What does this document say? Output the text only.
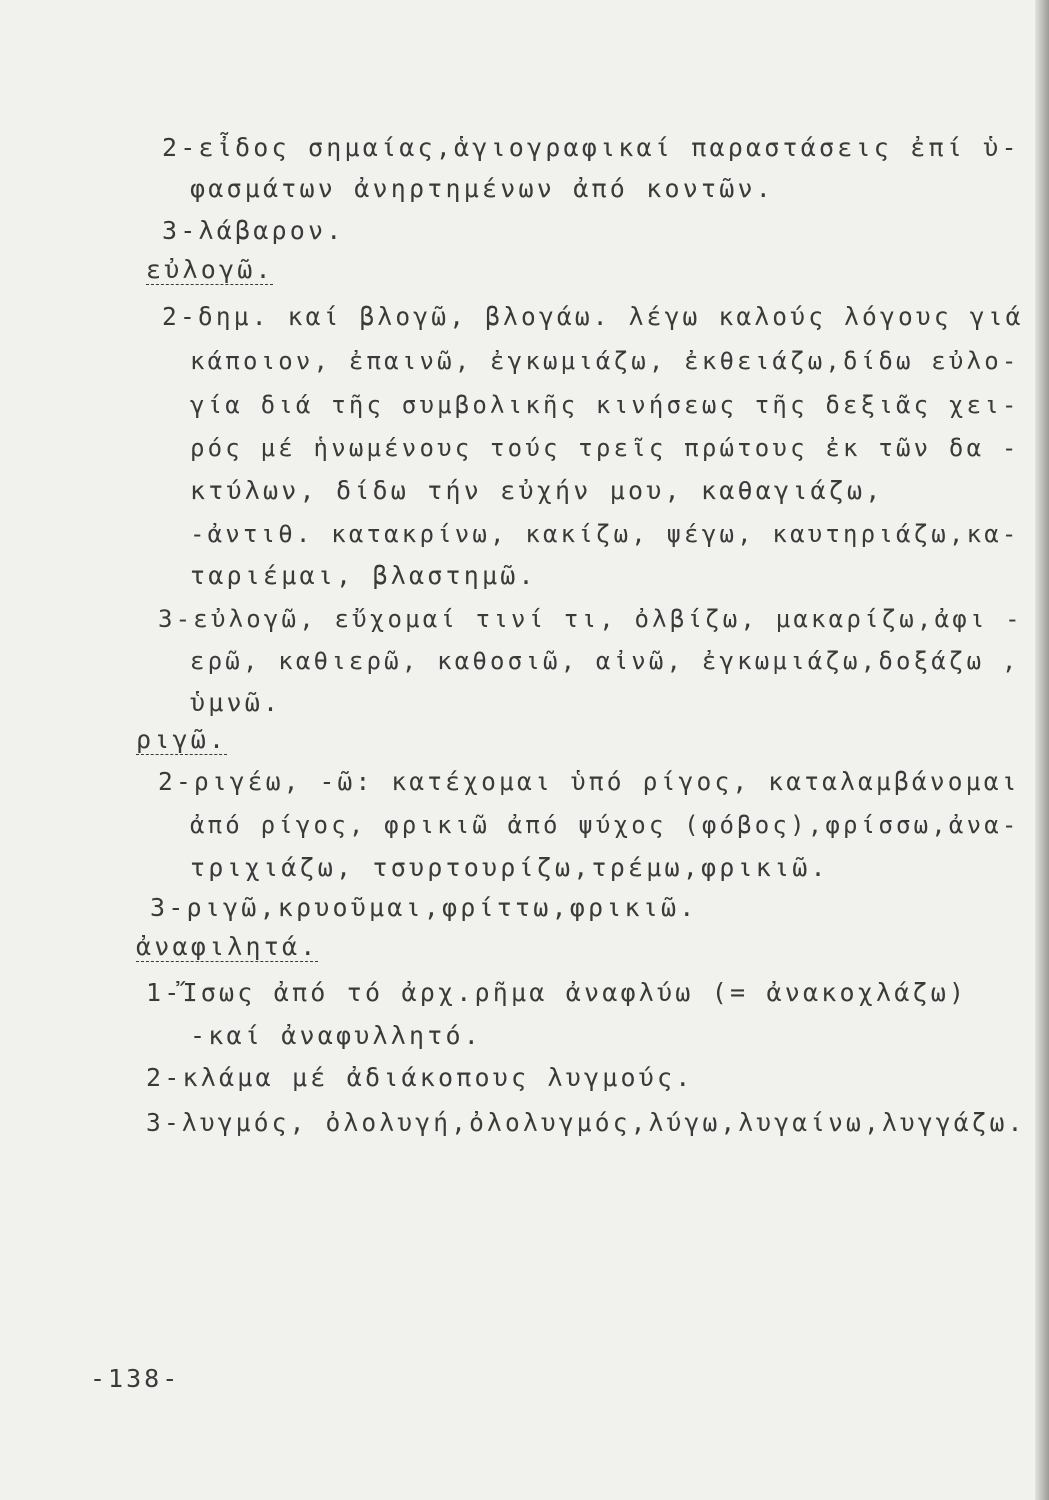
2-εἶδος σημαίας,ἁγιογραφικαί παραστάσεις ἐπί ὑ-
φασμάτων ἀνηρτημένων ἀπό κοντῶν.
3-λάβαρον.
εὐλογῶ.
2-δημ. καί βλογῶ, βλογάω. λέγω καλούς λόγους γιά
κάποιον, ἐπαινῶ, ἐγκωμιάζω, ἐκθειάζω,δίδω εὐλο-
γία διά τῆς συμβολικῆς κινήσεως τῆς δεξιᾶς χει-
ρός μέ ἡνωμένους τούς τρεῖς πρώτους ἐκ τῶν δα -
κτύλων, δίδω τήν εὐχήν μου, καθαγιάζω,
-ἀντιθ. κατακρίνω, κακίζω, ψέγω, καυτηριάζω,κα-
ταριέμαι, βλαστημῶ.
3-εὐλογῶ, εὔχομαί τινί τι, ὀλβίζω, μακαρίζω,ἀφι -
ερῶ, καθιερῶ, καθοσιῶ, αἰνῶ, ἐγκωμιάζω,δοξάζω ,
ὑμνῶ.
ριγῶ.
2-ριγέω, -ῶ: κατέχομαι ὑπό ρίγος, καταλαμβάνομαι
ἀπό ρίγος, φρικιῶ ἀπό ψύχος (φόβος),φρίσσω,ἀνα-
τριχιάζω, τσυρτουρίζω,τρέμω,φρικιῶ.
3-ριγῶ,κρυοῦμαι,φρίττω,φρικιῶ.
ἀναφιλητά.
1-Ἴσως ἀπό τό ἀρχ.ρῆμα ἀναφλύω (= ἀνακοχλάζω)
-καί ἀναφυλλητό.
2-κλάμα μέ ἀδιάκοπους λυγμούς.
3-λυγμός, ὀλολυγή,ὀλολυγμός,λύγω,λυγαίνω,λυγγάζω.
-138-
